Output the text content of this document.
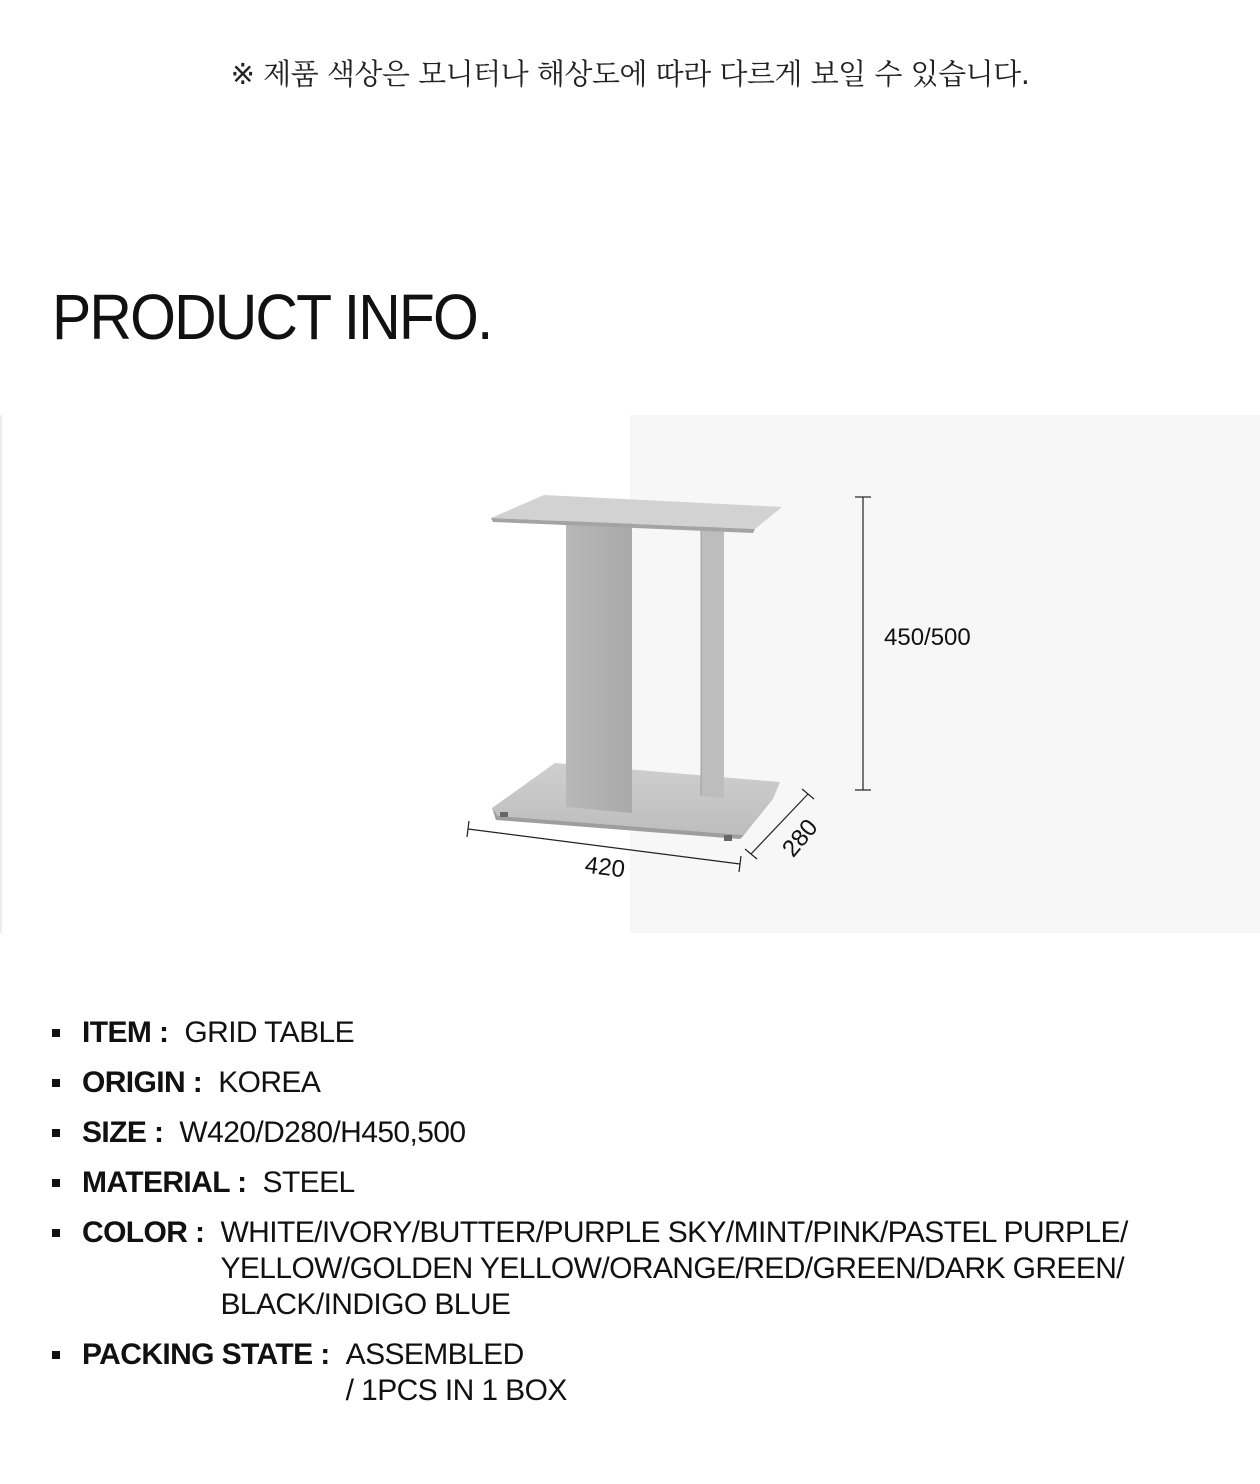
※ 제품 색상은 모니터나 해상도에 따라 다르게 보일 수 있습니다.
PRODUCT INFO.
450/500
420
280
ITEM : GRID TABLE
ORIGIN : KOREA
SIZE : W420/D280/H450,500
MATERIAL : STEEL
COLOR : WHITE/IVORY/BUTTER/PURPLE SKY/MINT/PINK/PASTEL PURPLE/
YELLOW/GOLDEN YELLOW/ORANGE/RED/GREEN/DARK GREEN/
BLACK/INDIGO BLUE
PACKING STATE : ASSEMBLED
/ 1PCS IN 1 BOX
